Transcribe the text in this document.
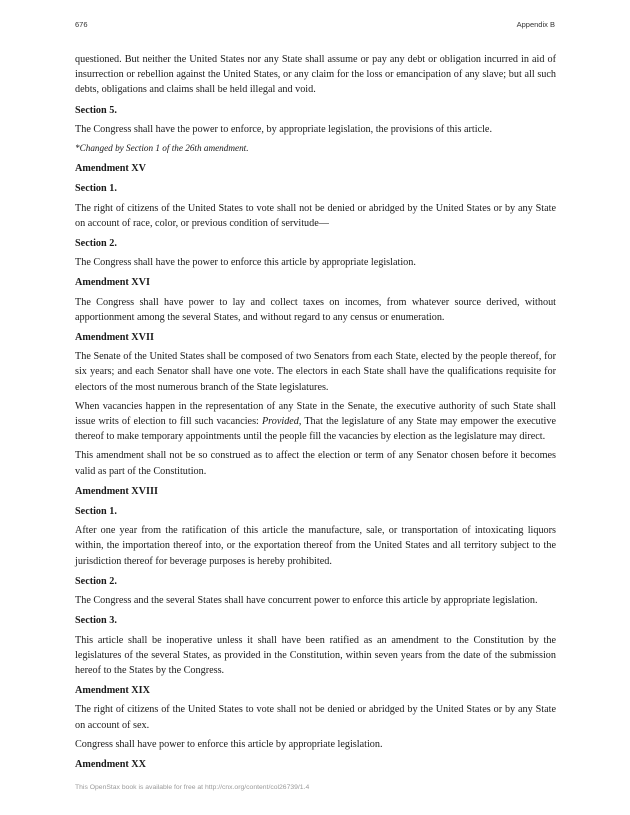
676	Appendix B

questioned. But neither the United States nor any State shall assume or pay any debt or obligation incurred in aid of insurrection or rebellion against the United States, or any claim for the loss or emancipation of any slave; but all such debts, obligations and claims shall be held illegal and void.

Section 5.

The Congress shall have the power to enforce, by appropriate legislation, the provisions of this article.

*Changed by Section 1 of the 26th amendment.
Amendment XV
Section 1.

The right of citizens of the United States to vote shall not be denied or abridged by the United States or by any State on account of race, color, or previous condition of servitude—

Section 2.

The Congress shall have the power to enforce this article by appropriate legislation.

Amendment XVI

The Congress shall have power to lay and collect taxes on incomes, from whatever source derived, without apportionment among the several States, and without regard to any census or enumeration.

Amendment XVII

The Senate of the United States shall be composed of two Senators from each State, elected by the people thereof, for six years; and each Senator shall have one vote. The electors in each State shall have the qualifications requisite for electors of the most numerous branch of the State legislatures.

When vacancies happen in the representation of any State in the Senate, the executive authority of such State shall issue writs of election to fill such vacancies: Provided, That the legislature of any State may empower the executive thereof to make temporary appointments until the people fill the vacancies by election as the legislature may direct.

This amendment shall not be so construed as to affect the election or term of any Senator chosen before it becomes valid as part of the Constitution.

Amendment XVIII
Section 1.

After one year from the ratification of this article the manufacture, sale, or transportation of intoxicating liquors within, the importation thereof into, or the exportation thereof from the United States and all territory subject to the jurisdiction thereof for beverage purposes is hereby prohibited.

Section 2.

The Congress and the several States shall have concurrent power to enforce this article by appropriate legislation.

Section 3.

This article shall be inoperative unless it shall have been ratified as an amendment to the Constitution by the legislatures of the several States, as provided in the Constitution, within seven years from the date of the submission hereof to the States by the Congress.

Amendment XIX

The right of citizens of the United States to vote shall not be denied or abridged by the United States or by any State on account of sex.

Congress shall have power to enforce this article by appropriate legislation.

Amendment XX
This OpenStax book is available for free at http://cnx.org/content/col26739/1.4
